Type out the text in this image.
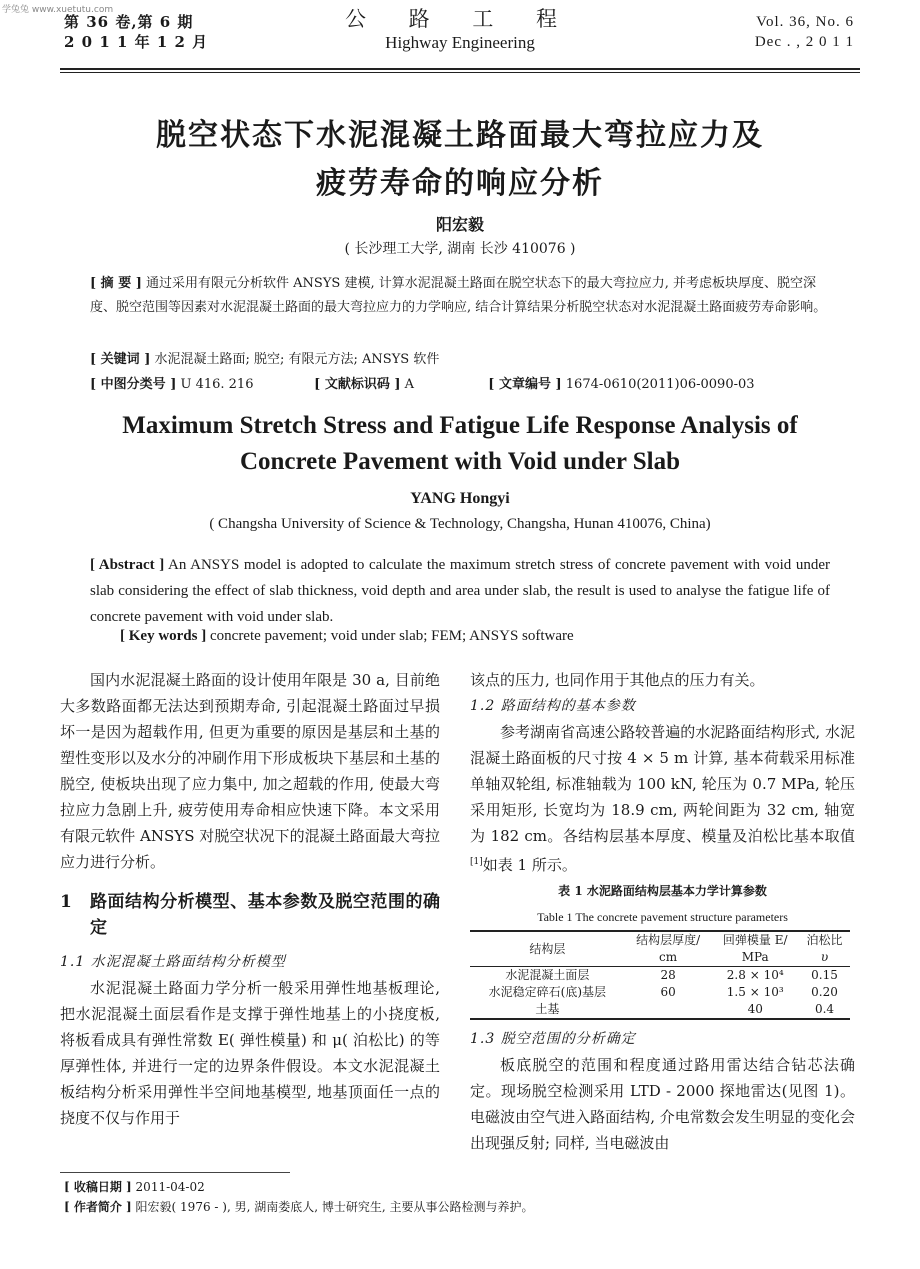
学兔兔 www.xuetutu.com
第 36 卷,第 6 期
2 0 1 1 年 1 2 月
公 路 工 程
Highway Engineering
Vol. 36, No. 6
Dec . , 2 0 1 1
脱空状态下水泥混凝土路面最大弯拉应力及
疲劳寿命的响应分析
阳宏毅
( 长沙理工大学, 湖南 长沙 410076 )
[ 摘 要 ] 通过采用有限元分析软件 ANSYS 建模, 计算水泥混凝土路面在脱空状态下的最大弯拉应力, 并考虑板块厚度、脱空深度、脱空范围等因素对水泥混凝土路面的最大弯拉应力的力学响应, 结合计算结果分析脱空状态对水泥混凝土路面疲劳寿命影响。
[ 关键词 ] 水泥混凝土路面; 脱空; 有限元方法; ANSYS 软件
[ 中图分类号 ] U 416. 216	[ 文献标识码 ] A	[ 文章编号 ] 1674-0610(2011)06-0090-03
Maximum Stretch Stress and Fatigue Life Response Analysis of
Concrete Pavement with Void under Slab
YANG Hongyi
( Changsha University of Science & Technology, Changsha, Hunan 410076, China)
[ Abstract ] An ANSYS model is adopted to calculate the maximum stretch stress of concrete pavement with void under slab considering the effect of slab thickness, void depth and area under slab, the result is used to analyse the fatigue life of concrete pavement with void under slab.
[ Key words ] concrete pavement; void under slab; FEM; ANSYS software

国内水泥混凝土路面的设计使用年限是 30 a, 目前绝大多数路面都无法达到预期寿命, 引起混凝土路面过早损坏一是因为超载作用, 但更为重要的原因是基层和土基的塑性变形以及水分的冲刷作用下形成板块下基层和土基的脱空, 使板块出现了应力集中, 加之超载的作用, 使最大弯拉应力急剧上升, 疲劳使用寿命相应快速下降。本文采用有限元软件 ANSYS 对脱空状况下的混凝土路面最大弯拉应力进行分析。

1	路面结构分析模型、基本参数及脱空范围的确定
1.1 水泥混凝土路面结构分析模型

水泥混凝土路面力学分析一般采用弹性地基板理论, 把水泥混凝土面层看作是支撑于弹性地基上的小挠度板, 将板看成具有弹性常数 E( 弹性模量) 和 μ( 泊松比) 的等厚弹性体, 并进行一定的边界条件假设。本文水泥混凝土板结构分析采用弹性半空间地基模型, 地基顶面任一点的挠度不仅与作用于

该点的压力, 也同作用于其他点的压力有关。

1.2 路面结构的基本参数

参考湖南省高速公路较普遍的水泥路面结构形式, 水泥混凝土路面板的尺寸按 4 × 5 m 计算, 基本荷载采用标准单轴双轮组, 标准轴载为 100 kN, 轮压为 0.7 MPa, 轮压采用矩形, 长宽均为 18.9 cm, 两轮间距为 32 cm, 轴宽为 182 cm。各结构层基本厚度、模量及泊松比基本取值[1]如表 1 所示。

表 1 水泥路面结构层基本力学计算参数
Table 1 The concrete pavement structure parameters
结构层	结构层厚度/	回弹模量 E/	泊松比
	cm	MPa	υ
水泥混凝土面层	28	2.8 × 10⁴	0.15
水泥稳定碎石(底)基层	60	1.5 × 10³	0.20
土基		40	0.4
1.3 脱空范围的分析确定

板底脱空的范围和程度通过路用雷达结合钻芯法确定。现场脱空检测采用 LTD - 2000 探地雷达(见图 1)。电磁波由空气进入路面结构, 介电常数会发生明显的变化会出现强反射; 同样, 当电磁波由

[ 收稿日期 ] 2011-04-02
[ 作者简介 ] 阳宏毅( 1976 - ), 男, 湖南娄底人, 博士研究生, 主要从事公路检测与养护。
